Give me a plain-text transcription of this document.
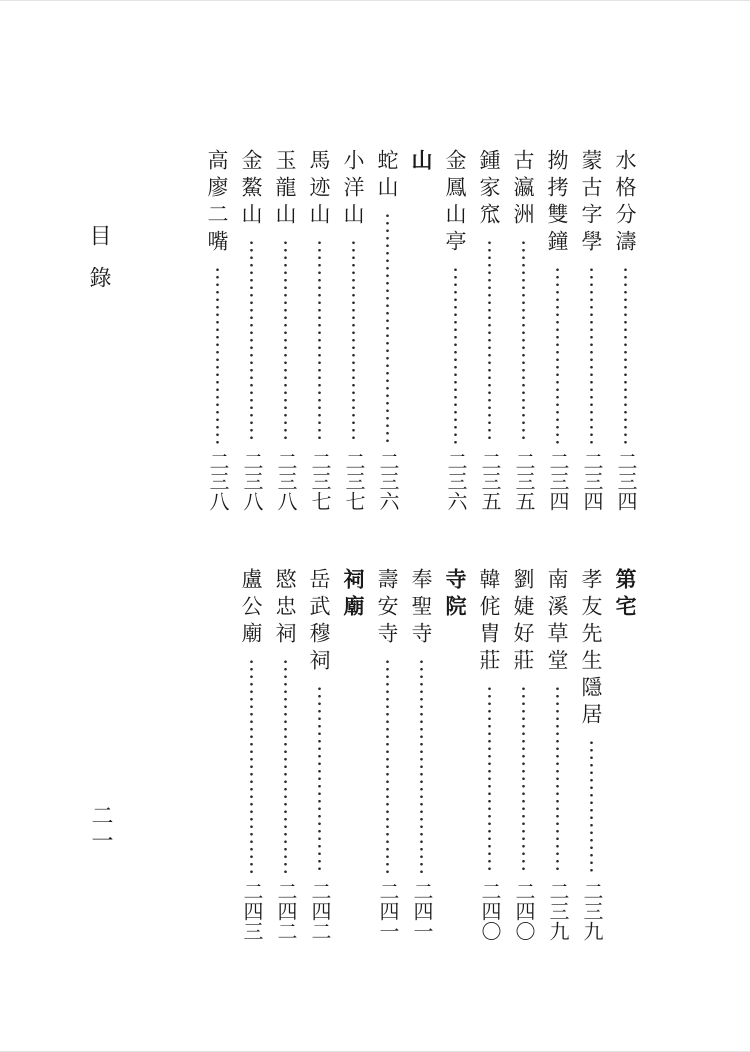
目錄
二一
水格分濤
二三四
蒙古字學
二三四
拗拷雙鐘
二三四
古瀛洲
二三五
鍾家窊
二三五
金鳳山亭
二三六
山
蛇山
二三六
小洋山
二三七
馬迹山
二三七
玉龍山
二三八
金鰲山
二三八
高廖二嘴
二三八
第宅
孝友先生隱居
二三九
南溪草堂
二三九
劉婕好莊
二四〇
韓侂胄莊
二四〇
寺院
奉聖寺
二四一
壽安寺
二四一
祠廟
岳武穆祠
二四二
愍忠祠
二四二
盧公廟
二四三
